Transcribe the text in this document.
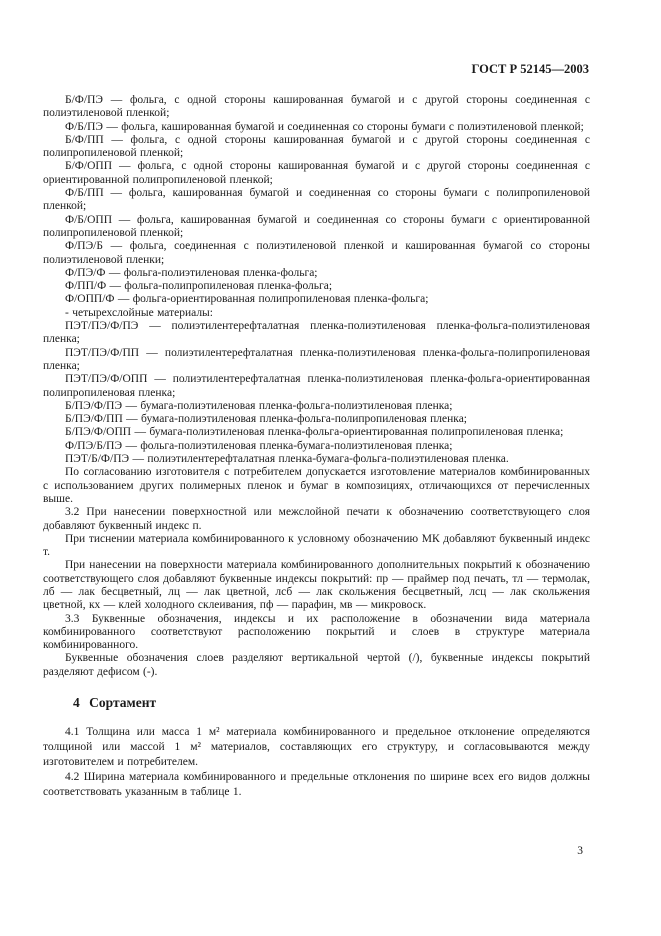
ГОСТ Р 52145—2003

Б/Ф/ПЭ — фольга, с одной стороны кашированная бумагой и с другой стороны соединенная с полиэтиленовой пленкой;

Ф/Б/ПЭ — фольга, кашированная бумагой и соединенная со стороны бумаги с полиэтиленовой пленкой;

Б/Ф/ПП — фольга, с одной стороны кашированная бумагой и с другой стороны соединенная с полипропиленовой пленкой;

Б/Ф/ОПП — фольга, с одной стороны кашированная бумагой и с другой стороны соединенная с ориентированной полипропиленовой пленкой;

Ф/Б/ПП — фольга, кашированная бумагой и соединенная со стороны бумаги с полипропиленовой пленкой;

Ф/Б/ОПП — фольга, кашированная бумагой и соединенная со стороны бумаги с ориентированной полипропиленовой пленкой;

Ф/ПЭ/Б — фольга, соединенная с полиэтиленовой пленкой и кашированная бумагой со стороны полиэтиленовой пленки;

Ф/ПЭ/Ф — фольга-полиэтиленовая пленка-фольга;

Ф/ПП/Ф — фольга-полипропиленовая пленка-фольга;

Ф/ОПП/Ф — фольга-ориентированная полипропиленовая пленка-фольга;

- четырехслойные материалы:

ПЭТ/ПЭ/Ф/ПЭ — полиэтилентерефталатная пленка-полиэтиленовая пленка-фольга-полиэтиленовая пленка;

ПЭТ/ПЭ/Ф/ПП — полиэтилентерефталатная пленка-полиэтиленовая пленка-фольга-полипропиленовая пленка;

ПЭТ/ПЭ/Ф/ОПП — полиэтилентерефталатная пленка-полиэтиленовая пленка-фольга-ориентированная полипропиленовая пленка;

Б/ПЭ/Ф/ПЭ — бумага-полиэтиленовая пленка-фольга-полиэтиленовая пленка;

Б/ПЭ/Ф/ПП — бумага-полиэтиленовая пленка-фольга-полипропиленовая пленка;

Б/ПЭ/Ф/ОПП — бумага-полиэтиленовая пленка-фольга-ориентированная полипропиленовая пленка;

Ф/ПЭ/Б/ПЭ — фольга-полиэтиленовая пленка-бумага-полиэтиленовая пленка;

ПЭТ/Б/Ф/ПЭ — полиэтилентерефталатная пленка-бумага-фольга-полиэтиленовая пленка.

По согласованию изготовителя с потребителем допускается изготовление материалов комбинированных с использованием других полимерных пленок и бумаг в композициях, отличающихся от перечисленных выше.

3.2 При нанесении поверхностной или межслойной печати к обозначению соответствующего слоя добавляют буквенный индекс п.

При тиснении материала комбинированного к условному обозначению МК добавляют буквенный индекс т.

При нанесении на поверхности материала комбинированного дополнительных покрытий к обозначению соответствующего слоя добавляют буквенные индексы покрытий: пр — праймер под печать, тл — термолак, лб — лак бесцветный, лц — лак цветной, лсб — лак скольжения бесцветный, лсц — лак скольжения цветной, кх — клей холодного склеивания, пф — парафин, мв — микровоск.

3.3 Буквенные обозначения, индексы и их расположение в обозначении вида материала комбинированного соответствуют расположению покрытий и слоев в структуре материала комбинированного.

Буквенные обозначения слоев разделяют вертикальной чертой (/), буквенные индексы покрытий разделяют дефисом (-).

4 Сортамент

4.1 Толщина или масса 1 м² материала комбинированного и предельное отклонение определяются толщиной или массой 1 м² материалов, составляющих его структуру, и согласовываются между изготовителем и потребителем.

4.2 Ширина материала комбинированного и предельные отклонения по ширине всех его видов должны соответствовать указанным в таблице 1.

3
